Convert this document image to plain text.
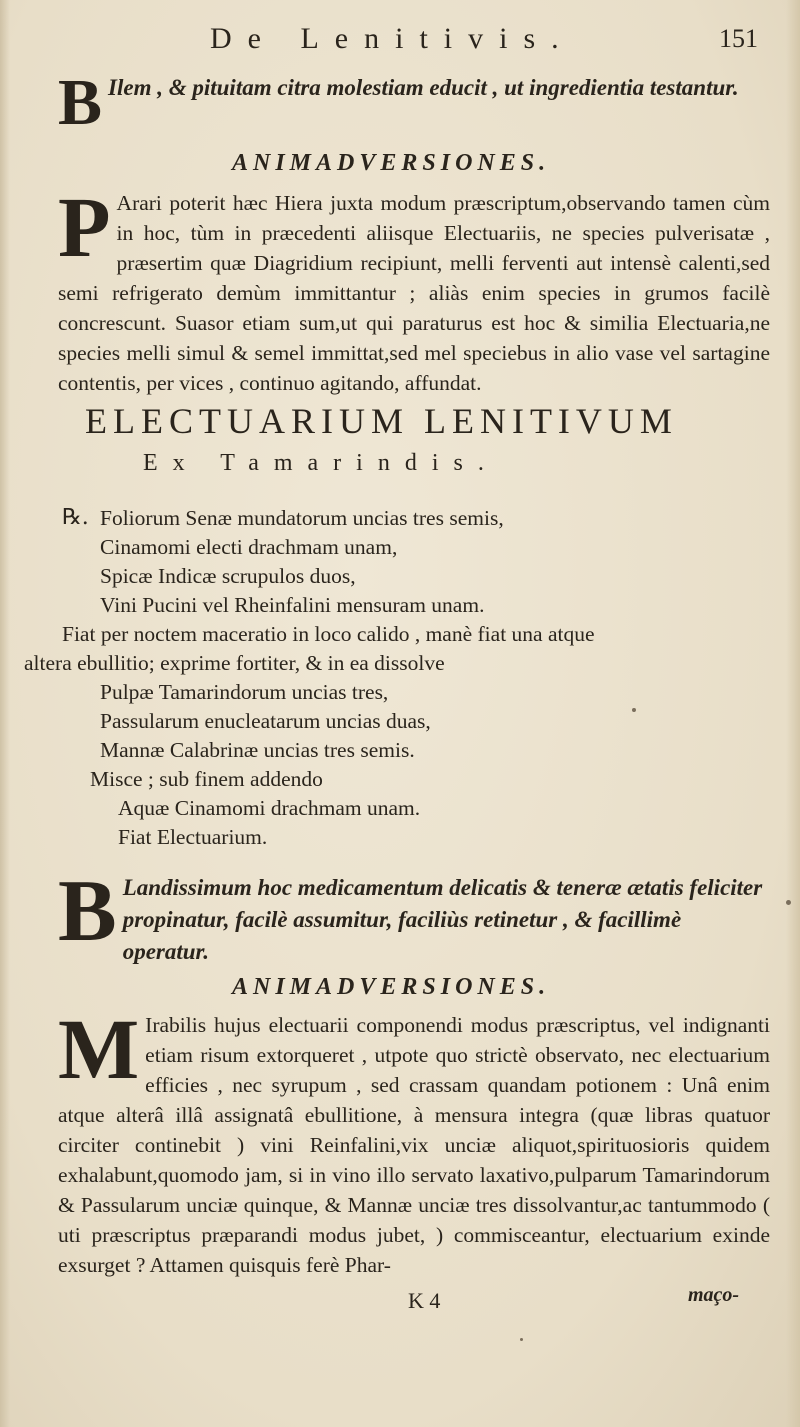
De Lenitivis.	151
B Ilem , & pituitam citra molestiam educit , ut ingredientia testantur.
ANIMADVERSIONES.
P Arari poterit hæc Hiera juxta modum præscriptum,observando tamen cùm in hoc, tùm in præcedenti aliisque Electuariis, ne species pulverisatæ , præsertim quæ Diagridium recipiunt, melli ferventi aut intensè calenti,sed semi refrigerato demùm immittantur ; aliàs enim species in grumos facilè concrescunt. Suasor etiam sum,ut qui paraturus est hoc & similia Electuaria,ne species melli simul & semel immittat,sed mel speciebus in alio vase vel sartagine contentis, per vices , continuo agitando, affundat.
ELECTUARIUM LENITIVUM
Ex Tamarindis.
℞. Foliorum Senæ mundatorum uncias tres semis,
Cinamomi electi drachmam unam,
Spicæ Indicæ scrupulos duos,
Vini Pucini vel Rheinfalini mensuram unam.
Fiat per noctem maceratio in loco calido , manè fiat una atque
altera ebullitio; exprime fortiter, & in ea dissolve
Pulpæ Tamarindorum uncias tres,
Passularum enucleatarum uncias duas,
Mannæ Calabrinæ uncias tres semis.
Misce ; sub finem addendo
Aquæ Cinamomi drachmam unam.
Fiat Electuarium.
B Landissimum hoc medicamentum delicatis & teneræ ætatis feliciter propinatur, facilè assumitur, faciliùs retinetur , & facillimè operatur.
ANIMADVERSIONES.
M Irabilis hujus electuarii componendi modus præscriptus, vel indignanti etiam risum extorqueret , utpote quo strictè observato, nec electuarium efficies , nec syrupum , sed crassam quandam potionem : Unâ enim atque alterâ illâ assignatâ ebullitione, à mensura integra (quæ libras quatuor circiter continebit ) vini Reinfalini,vix unciæ aliquot,spirituosioris quidem exhalabunt,quomodo jam, si in vino illo servato laxativo,pulparum Tamarindorum & Passularum unciæ quinque, & Mannæ unciæ tres dissolvantur,ac tantummodo ( uti præscriptus præparandi modus jubet, ) commisceantur, electuarium exinde exsurget ? Attamen quisquis ferè Phar-
K 4	maço-
